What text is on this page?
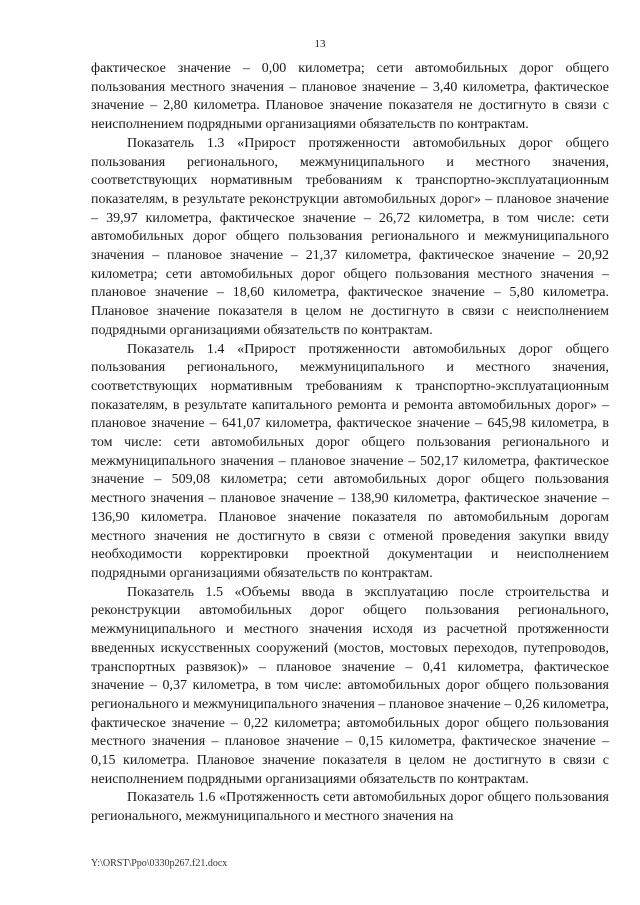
13

фактическое значение – 0,00 километра; сети автомобильных дорог общего пользования местного значения – плановое значение – 3,40 километра, фактическое значение – 2,80 километра. Плановое значение показателя не достигнуто в связи с неисполнением подрядными организациями обязательств по контрактам.

Показатель 1.3 «Прирост протяженности автомобильных дорог общего пользования регионального, межмуниципального и местного значения, соответствующих нормативным требованиям к транспортно-эксплуатационным показателям, в результате реконструкции автомобильных дорог» – плановое значение – 39,97 километра, фактическое значение – 26,72 километра, в том числе: сети автомобильных дорог общего пользования регионального и межмуниципального значения – плановое значение – 21,37 километра, фактическое значение – 20,92 километра; сети автомобильных дорог общего пользования местного значения – плановое значение – 18,60 километра, фактическое значение – 5,80 километра. Плановое значение показателя в целом не достигнуто в связи с неисполнением подрядными организациями обязательств по контрактам.

Показатель 1.4 «Прирост протяженности автомобильных дорог общего пользования регионального, межмуниципального и местного значения, соответствующих нормативным требованиям к транспортно-эксплуатационным показателям, в результате капитального ремонта и ремонта автомобильных дорог» – плановое значение – 641,07 километра, фактическое значение – 645,98 километра, в том числе: сети автомобильных дорог общего пользования регионального и межмуниципального значения – плановое значение – 502,17 километра, фактическое значение – 509,08 километра; сети автомобильных дорог общего пользования местного значения – плановое значение – 138,90 километра, фактическое значение – 136,90 километра. Плановое значение показателя по автомобильным дорогам местного значения не достигнуто в связи с отменой проведения закупки ввиду необходимости корректировки проектной документации и неисполнением подрядными организациями обязательств по контрактам.

Показатель 1.5 «Объемы ввода в эксплуатацию после строительства и реконструкции автомобильных дорог общего пользования регионального, межмуниципального и местного значения исходя из расчетной протяженности введенных искусственных сооружений (мостов, мостовых переходов, путепроводов, транспортных развязок)» – плановое значение – 0,41 километра, фактическое значение – 0,37 километра, в том числе: автомобильных дорог общего пользования регионального и межмуниципального значения – плановое значение – 0,26 километра, фактическое значение – 0,22 километра; автомобильных дорог общего пользования местного значения – плановое значение – 0,15 километра, фактическое значение – 0,15 километра. Плановое значение показателя в целом не достигнуто в связи с неисполнением подрядными организациями обязательств по контрактам.

Показатель 1.6 «Протяженность сети автомобильных дорог общего пользования регионального, межмуниципального и местного значения на

Y:\ORST\Ppo\0330p267.f21.docx
